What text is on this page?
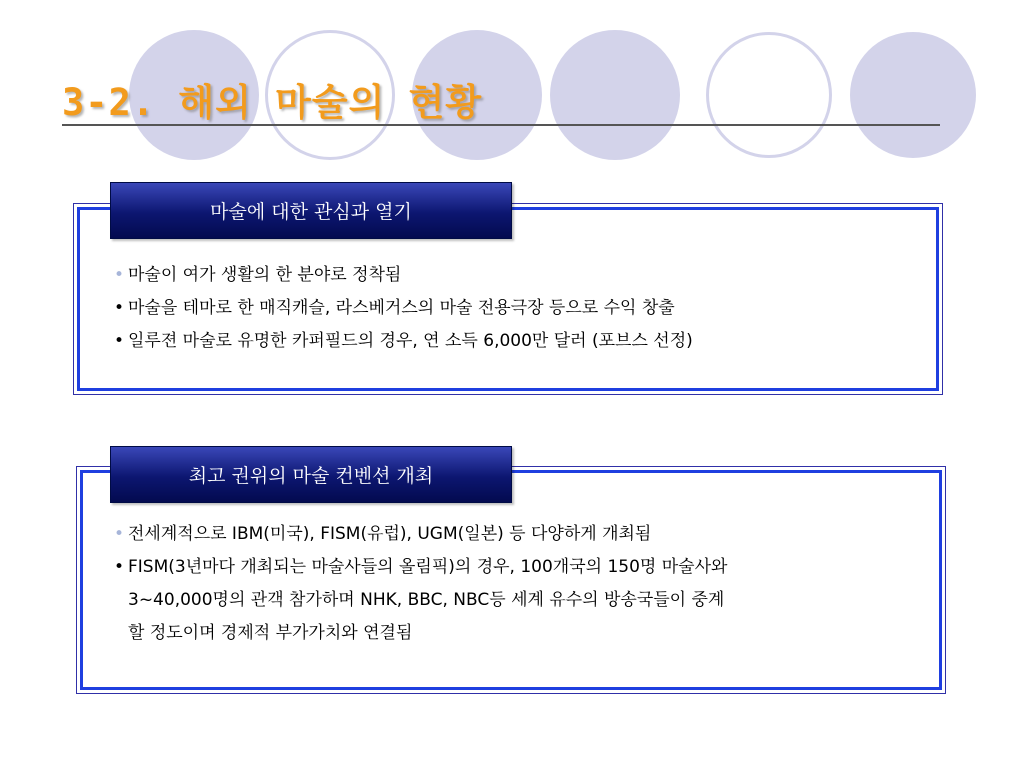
3-2. 해외 마술의 현황
마술에 대한 관심과 열기
• 마술이 여가 생활의 한 분야로 정착됨
• 마술을 테마로 한 매직캐슬, 라스베거스의 마술 전용극장 등으로 수익 창출
• 일루젼 마술로 유명한 카퍼필드의 경우, 연 소득 6,000만 달러 (포브스 선정)
최고 권위의 마술 컨벤션 개최
• 전세계적으로 IBM(미국), FISM(유럽), UGM(일본) 등 다양하게 개최됨
• FISM(3년마다 개최되는 마술사들의 올림픽)의 경우, 100개국의 150명 마술사와
3~40,000명의 관객 참가하며 NHK, BBC, NBC등 세계 유수의 방송국들이 중계
할 정도이며 경제적 부가가치와 연결됨
